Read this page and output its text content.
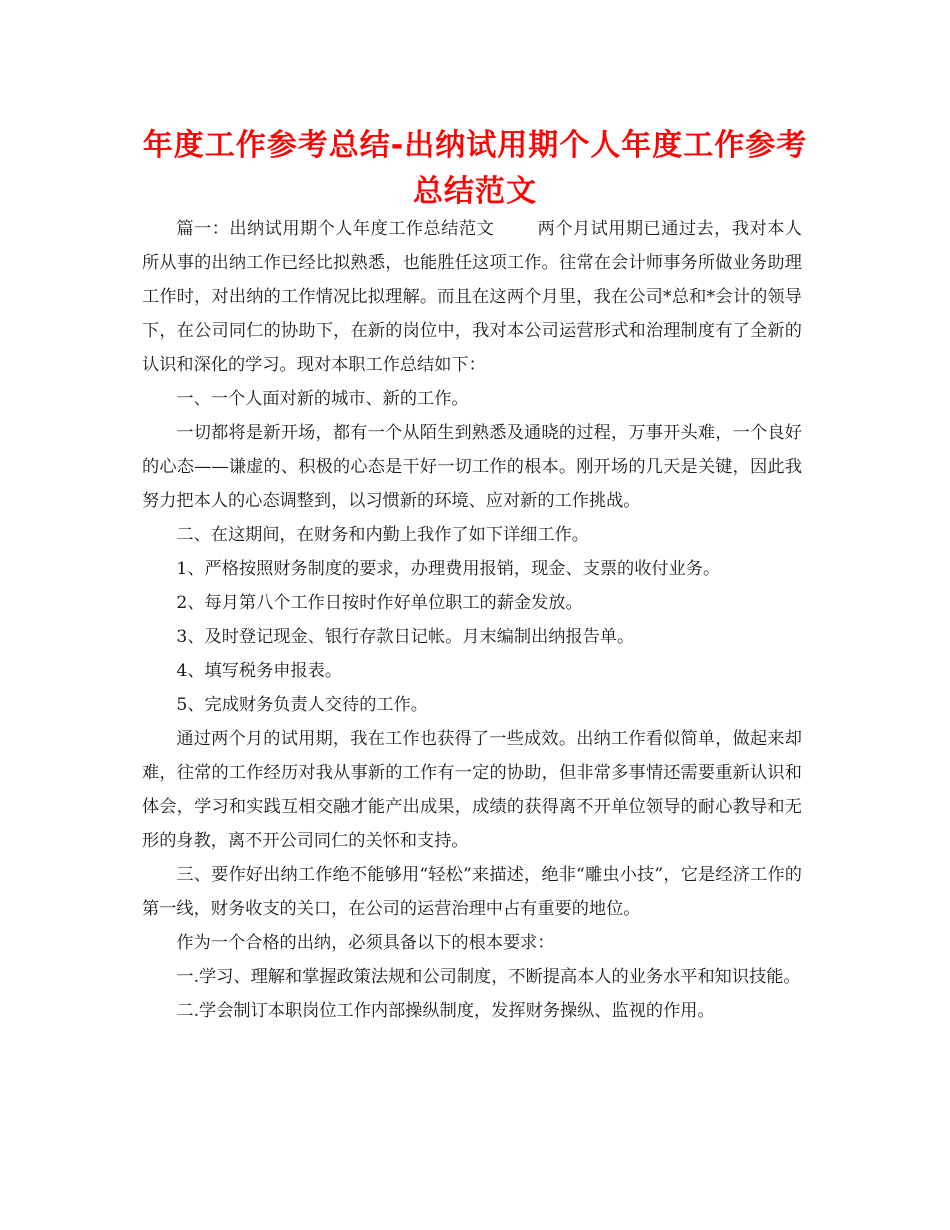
年度工作参考总结-出纳试用期个人年度工作参考总结范文

篇一：出纳试用期个人年度工作总结范文	两个月试用期已通过去，我对本人所从事的出纳工作已经比拟熟悉，也能胜任这项工作。往常在会计师事务所做业务助理工作时，对出纳的工作情况比拟理解。而且在这两个月里，我在公司*总和*会计的领导下，在公司同仁的协助下，在新的岗位中，我对本公司运营形式和治理制度有了全新的认识和深化的学习。现对本职工作总结如下：

一、一个人面对新的城市、新的工作。

一切都将是新开场，都有一个从陌生到熟悉及通晓的过程，万事开头难，一个良好的心态——谦虚的、积极的心态是干好一切工作的根本。刚开场的几天是关键，因此我努力把本人的心态调整到，以习惯新的环境、应对新的工作挑战。

二、在这期间，在财务和内勤上我作了如下详细工作。

1、严格按照财务制度的要求，办理费用报销，现金、支票的收付业务。

2、每月第八个工作日按时作好单位职工的薪金发放。

3、及时登记现金、银行存款日记帐。月末编制出纳报告单。

4、填写税务申报表。

5、完成财务负责人交待的工作。

通过两个月的试用期，我在工作也获得了一些成效。出纳工作看似简单，做起来却难，往常的工作经历对我从事新的工作有一定的协助，但非常多事情还需要重新认识和体会，学习和实践互相交融才能产出成果，成绩的获得离不开单位领导的耐心教导和无形的身教，离不开公司同仁的关怀和支持。

三、要作好出纳工作绝不能够用“轻松”来描述，绝非“雕虫小技”，它是经济工作的第一线，财务收支的关口，在公司的运营治理中占有重要的地位。

作为一个合格的出纳，必须具备以下的根本要求：

一.学习、理解和掌握政策法规和公司制度，不断提高本人的业务水平和知识技能。

二.学会制订本职岗位工作内部操纵制度，发挥财务操纵、监视的作用。
